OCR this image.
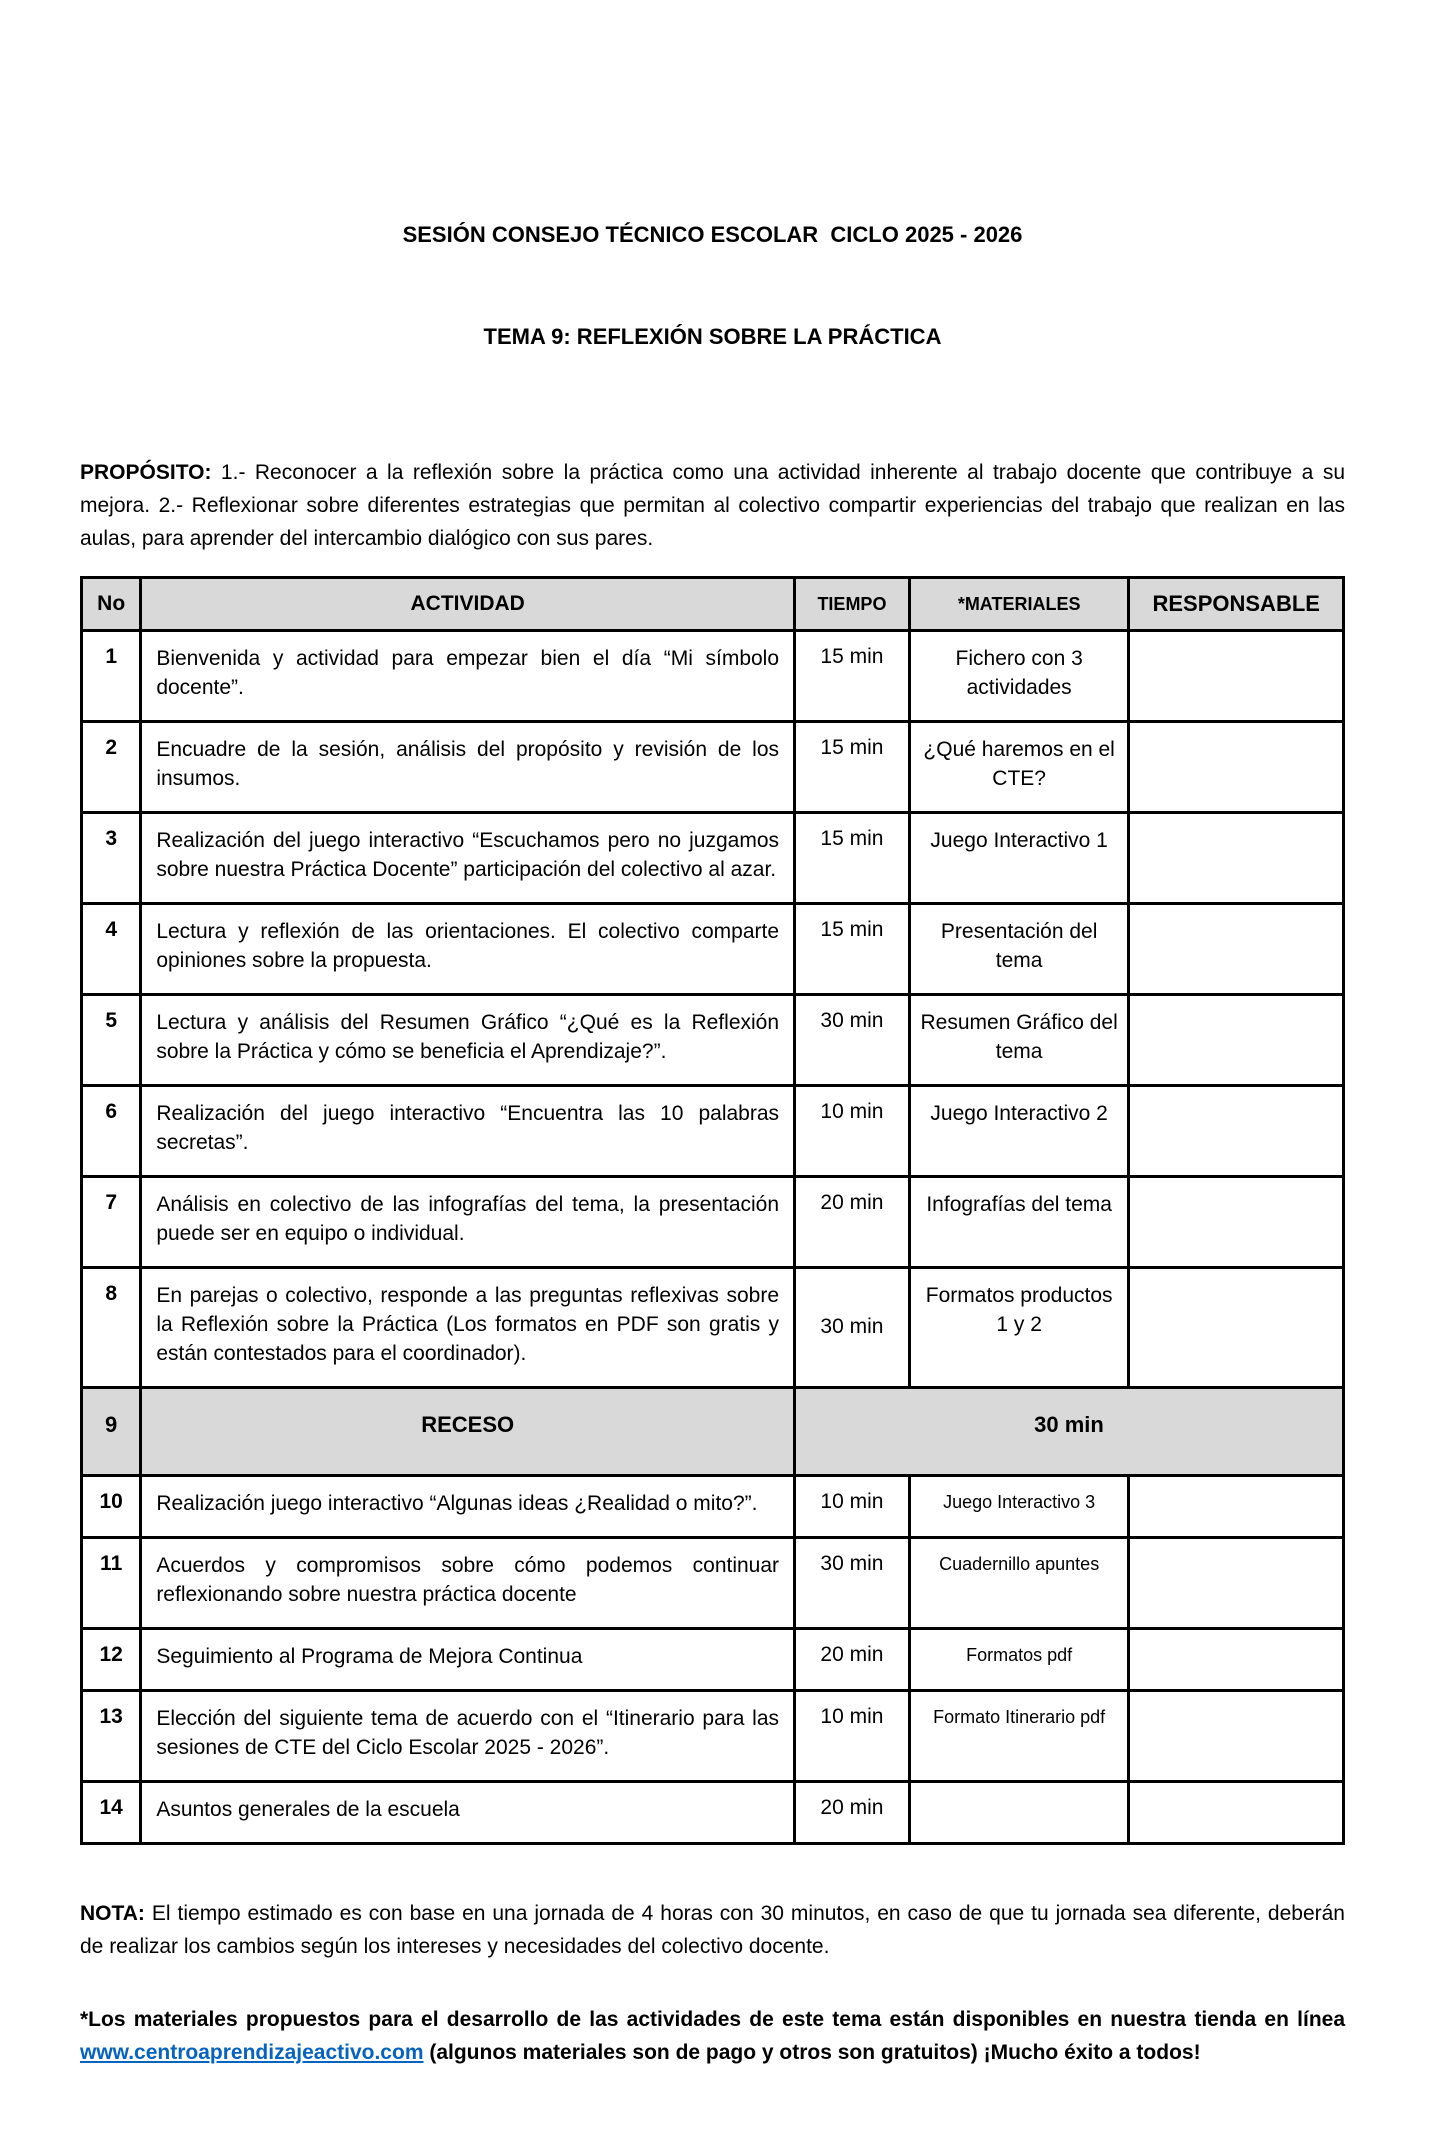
SESIÓN CONSEJO TÉCNICO ESCOLAR  CICLO 2025 - 2026

TEMA 9: REFLEXIÓN SOBRE LA PRÁCTICA

PROPÓSITO: 1.- Reconocer a la reflexión sobre la práctica como una actividad inherente al trabajo docente que contribuye a su mejora. 2.- Reflexionar sobre diferentes estrategias que permitan al colectivo compartir experiencias del trabajo que realizan en las aulas, para aprender del intercambio dialógico con sus pares.

No	ACTIVIDAD	TIEMPO	*MATERIALES	RESPONSABLE
1	Bienvenida y actividad para empezar bien el día “Mi símbolo docente”.	15 min	Fichero con 3 actividades	
2	Encuadre de la sesión, análisis del propósito y revisión de los insumos.	15 min	¿Qué haremos en el CTE?	
3	Realización del juego interactivo “Escuchamos pero no juzgamos sobre nuestra Práctica Docente” participación del colectivo al azar.	15 min	Juego Interactivo 1	
4	Lectura y reflexión de las orientaciones. El colectivo comparte opiniones sobre la propuesta.	15 min	Presentación del tema	
5	Lectura y análisis del Resumen Gráfico “¿Qué es la Reflexión sobre la Práctica y cómo se beneficia el Aprendizaje?”.	30 min	Resumen Gráfico del tema	
6	Realización del juego interactivo “Encuentra las 10 palabras secretas”.	10 min	Juego Interactivo 2	
7	Análisis en colectivo de las infografías del tema, la presentación puede ser en equipo o individual.	20 min	Infografías del tema	
8	En parejas o colectivo, responde a las preguntas reflexivas sobre la Reflexión sobre la Práctica (Los formatos en PDF son gratis y están contestados para el coordinador).	30 min	Formatos productos 1 y 2	
9	RECESO	30 min		
10	Realización juego interactivo “Algunas ideas ¿Realidad o mito?”.	10 min	Juego Interactivo 3	
11	Acuerdos y compromisos sobre cómo podemos continuar reflexionando sobre nuestra práctica docente	30 min	Cuadernillo apuntes	
12	Seguimiento al Programa de Mejora Continua	20 min	Formatos pdf	
13	Elección del siguiente tema de acuerdo con el “Itinerario para las sesiones de CTE del Ciclo Escolar 2025 - 2026”.	10 min	Formato Itinerario pdf	
14	Asuntos generales de la escuela	20 min		

NOTA: El tiempo estimado es con base en una jornada de 4 horas con 30 minutos, en caso de que tu jornada sea diferente, deberán de realizar los cambios según los intereses y necesidades del colectivo docente.

*Los materiales propuestos para el desarrollo de las actividades de este tema están disponibles en nuestra tienda en línea www.centroaprendizajeactivo.com (algunos materiales son de pago y otros son gratuitos) ¡Mucho éxito a todos!
